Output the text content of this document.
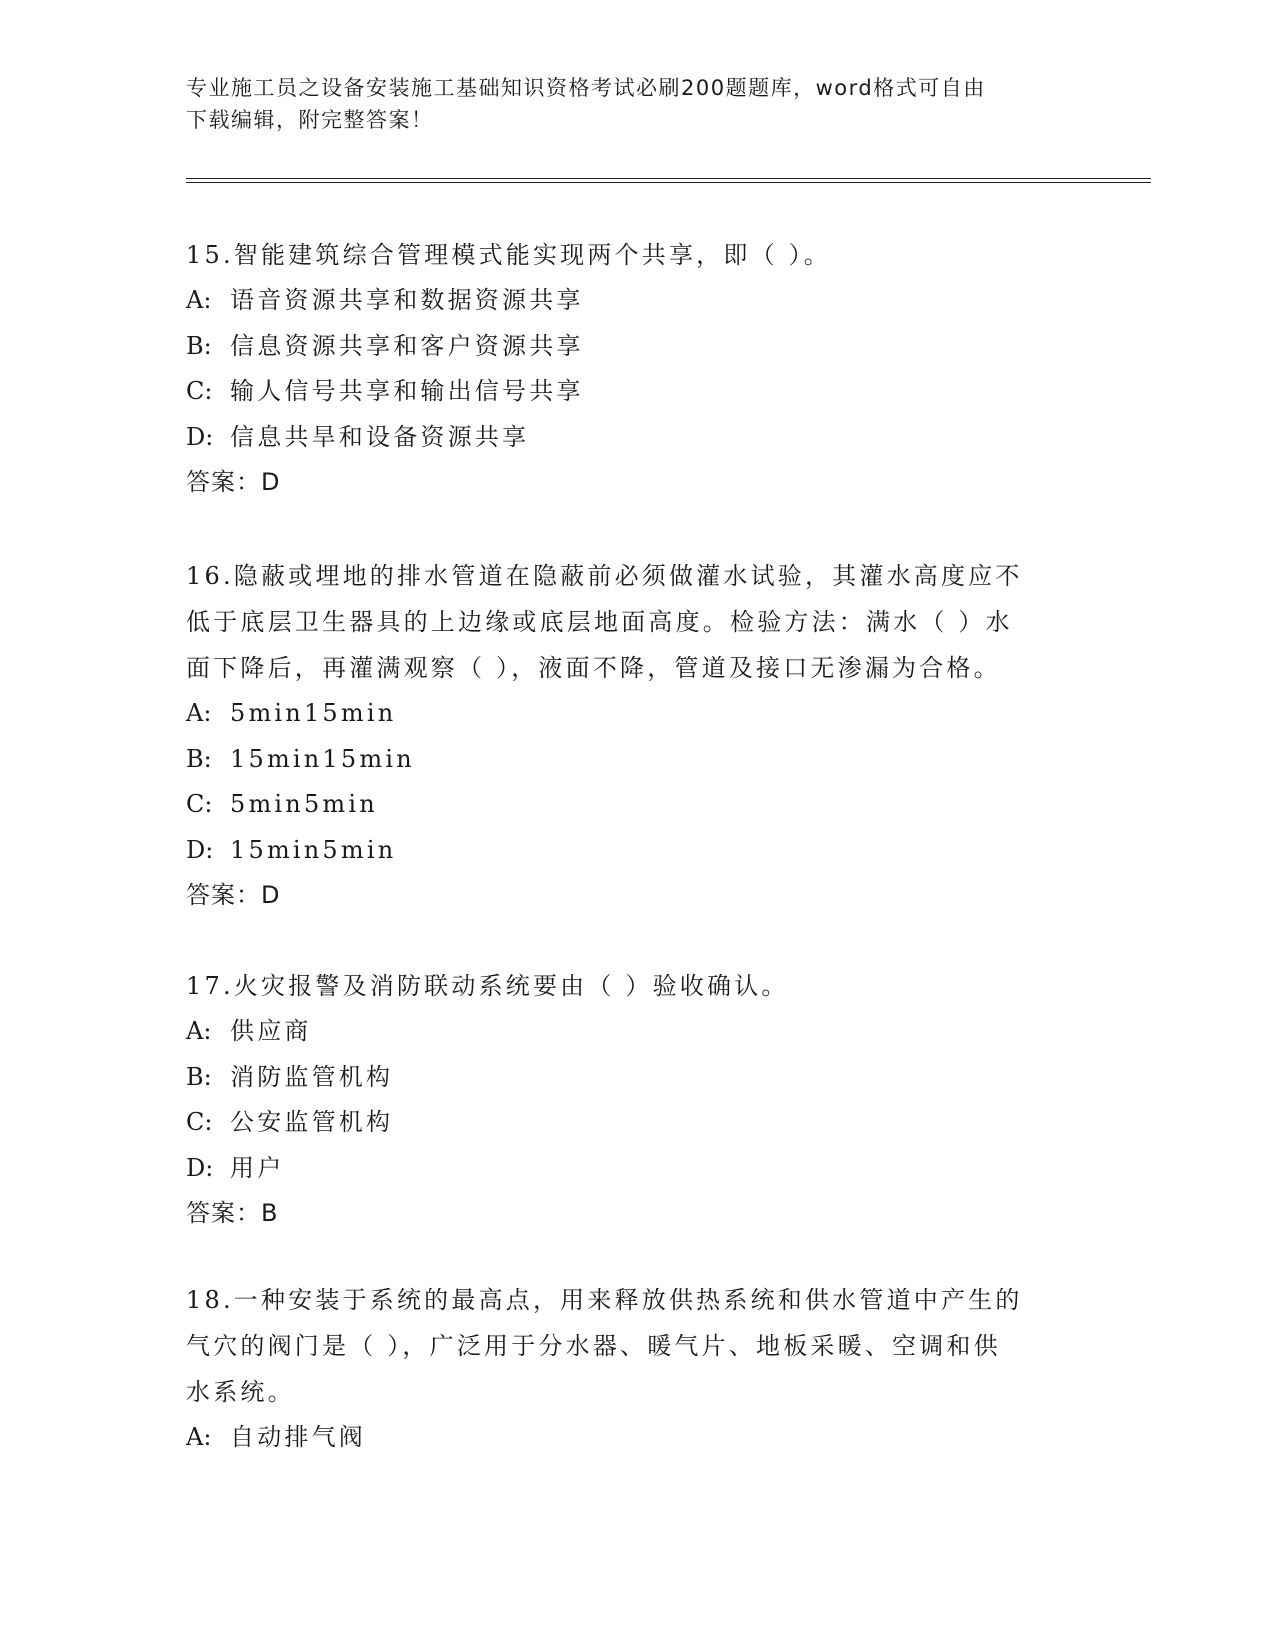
专业施工员之设备安装施工基础知识资格考试必刷200题题库，word格式可自由
下载编辑，附完整答案！

15.智能建筑综合管理模式能实现两个共享，即（ ）。

A: 语音资源共享和数据资源共享

B: 信息资源共享和客户资源共享

C: 输人信号共享和输出信号共享

D: 信息共旱和设备资源共享

答案：D

16.隐蔽或埋地的排水管道在隐蔽前必须做灌水试验，其灌水高度应不

低于底层卫生器具的上边缘或底层地面高度。检验方法：满水（ ）水

面下降后，再灌满观察（ ），液面不降，管道及接口无渗漏为合格。

A: 5min15min

B: 15min15min

C: 5min5min

D: 15min5min

答案：D

17.火灾报警及消防联动系统要由（ ）验收确认。

A: 供应商

B: 消防监管机构

C: 公安监管机构

D: 用户

答案：B

18.一种安装于系统的最高点，用来释放供热系统和供水管道中产生的

气穴的阀门是（ ），广泛用于分水器、暖气片、地板采暖、空调和供

水系统。

A: 自动排气阀
